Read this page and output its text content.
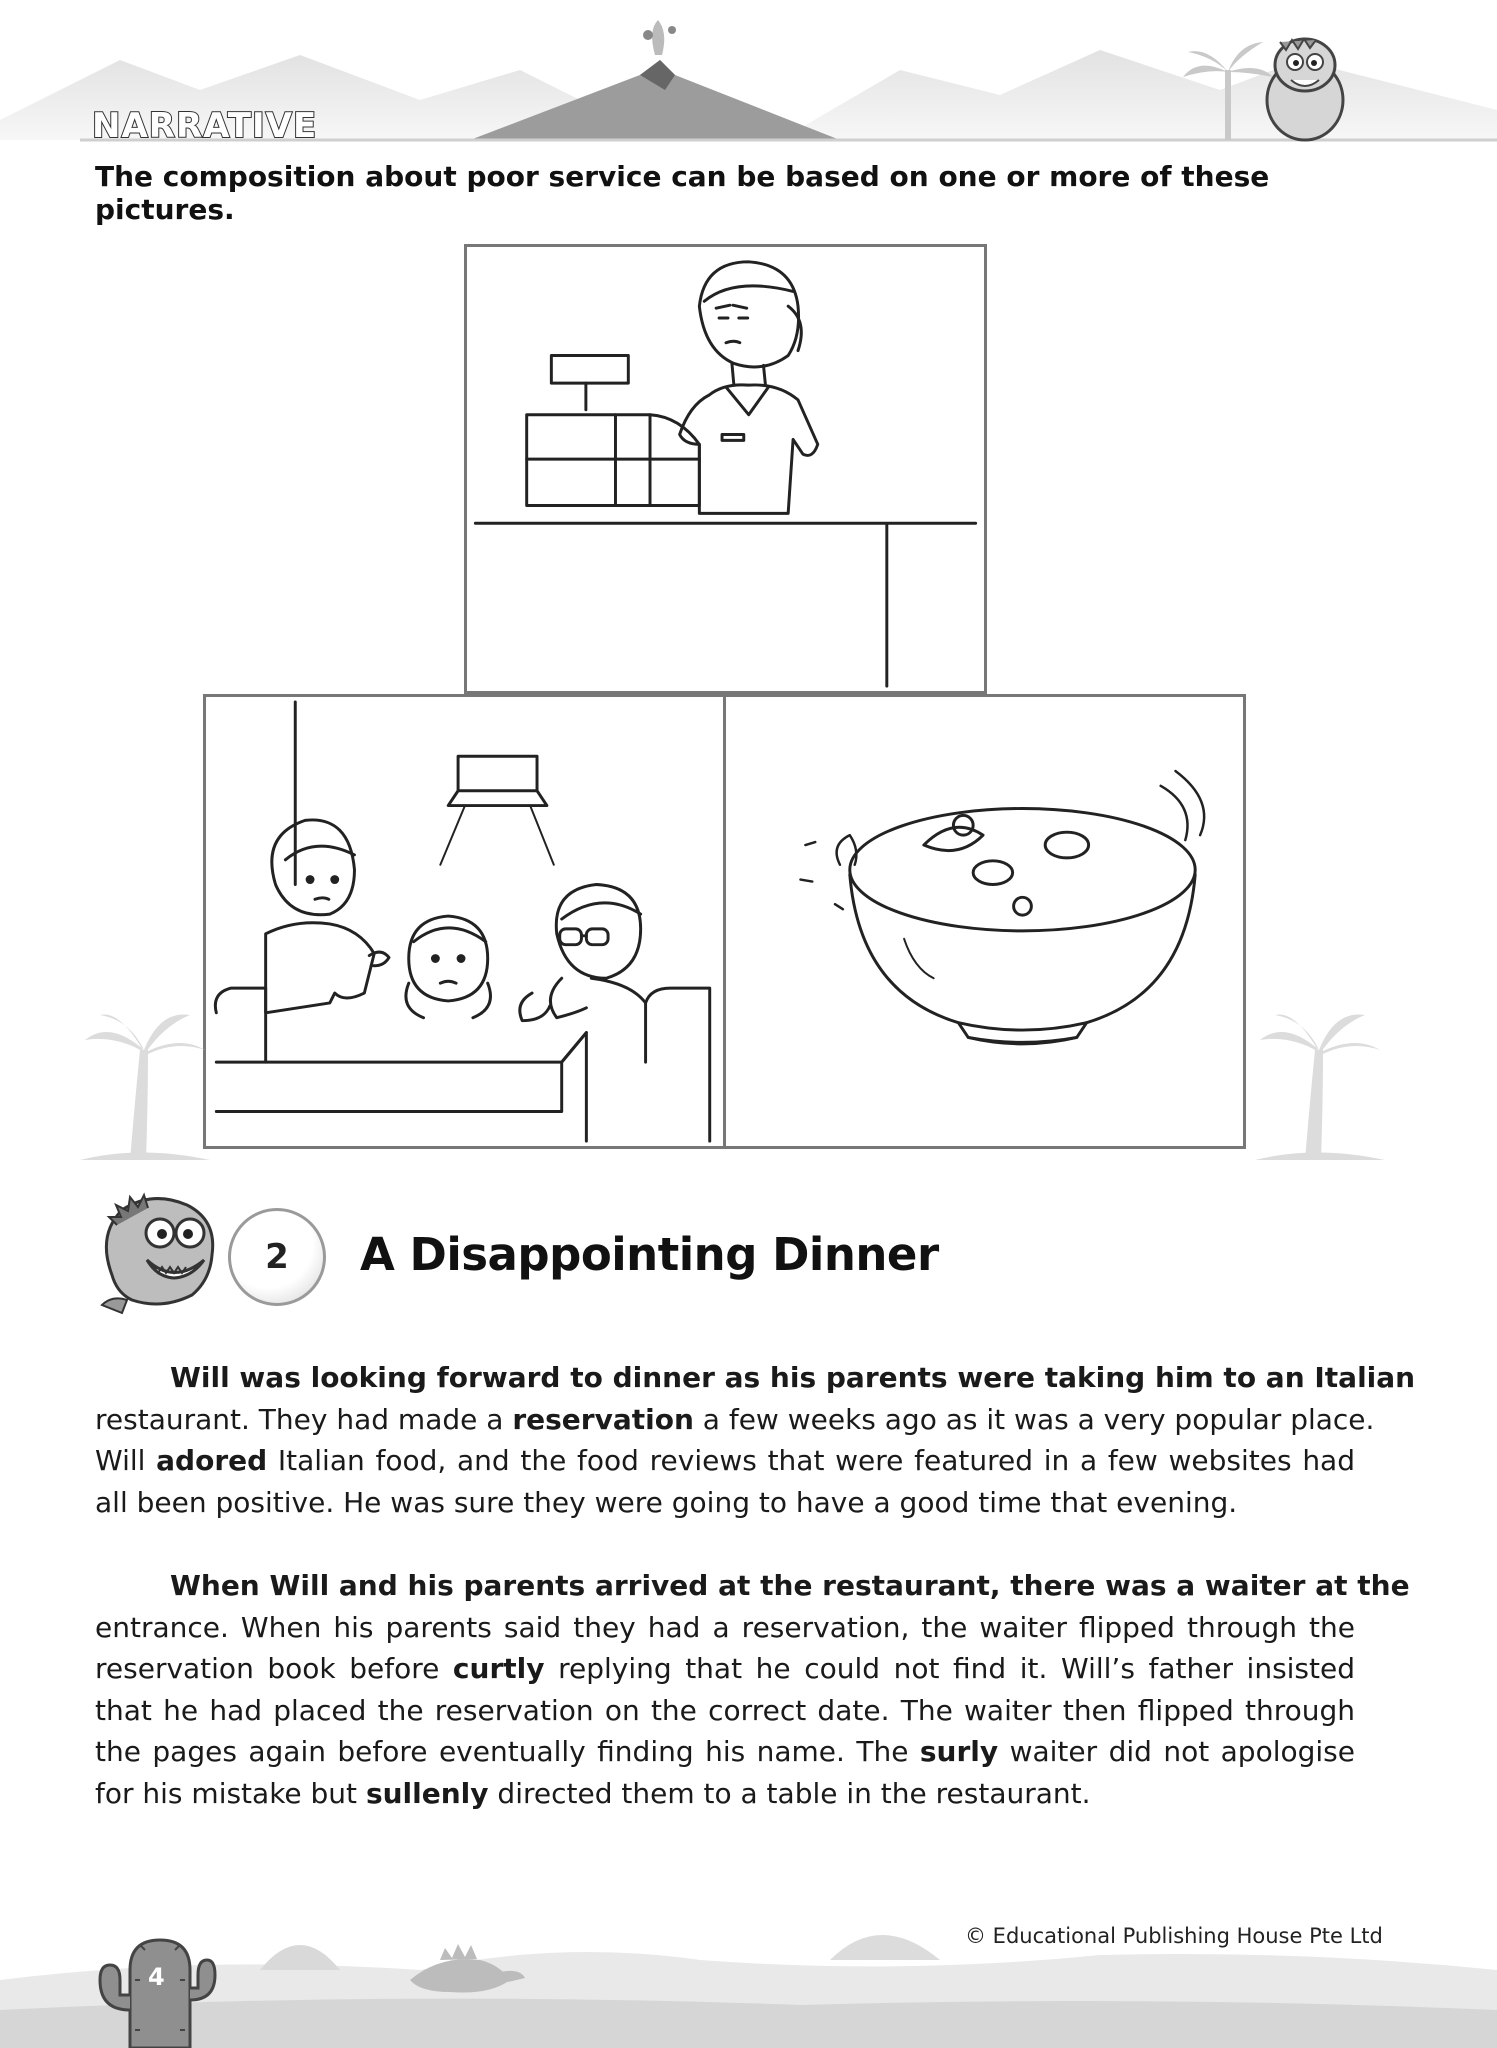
NARRATIVE
The composition about poor service can be based on one or more of these pictures.
2	A Disappointing Dinner
Will was looking forward to dinner as his parents were taking him to an Italian
restaurant. They had made a reservation a few weeks ago as it was a very popular place.
Will adored Italian food, and the food reviews that were featured in a few websites had
all been positive. He was sure they were going to have a good time that evening.
When Will and his parents arrived at the restaurant, there was a waiter at the
entrance. When his parents said they had a reservation, the waiter flipped through the
reservation book before curtly replying that he could not find it. Will’s father insisted
that he had placed the reservation on the correct date. The waiter then flipped through
the pages again before eventually finding his name. The surly waiter did not apologise
for his mistake but sullenly directed them to a table in the restaurant.
© Educational Publishing House Pte Ltd
4
